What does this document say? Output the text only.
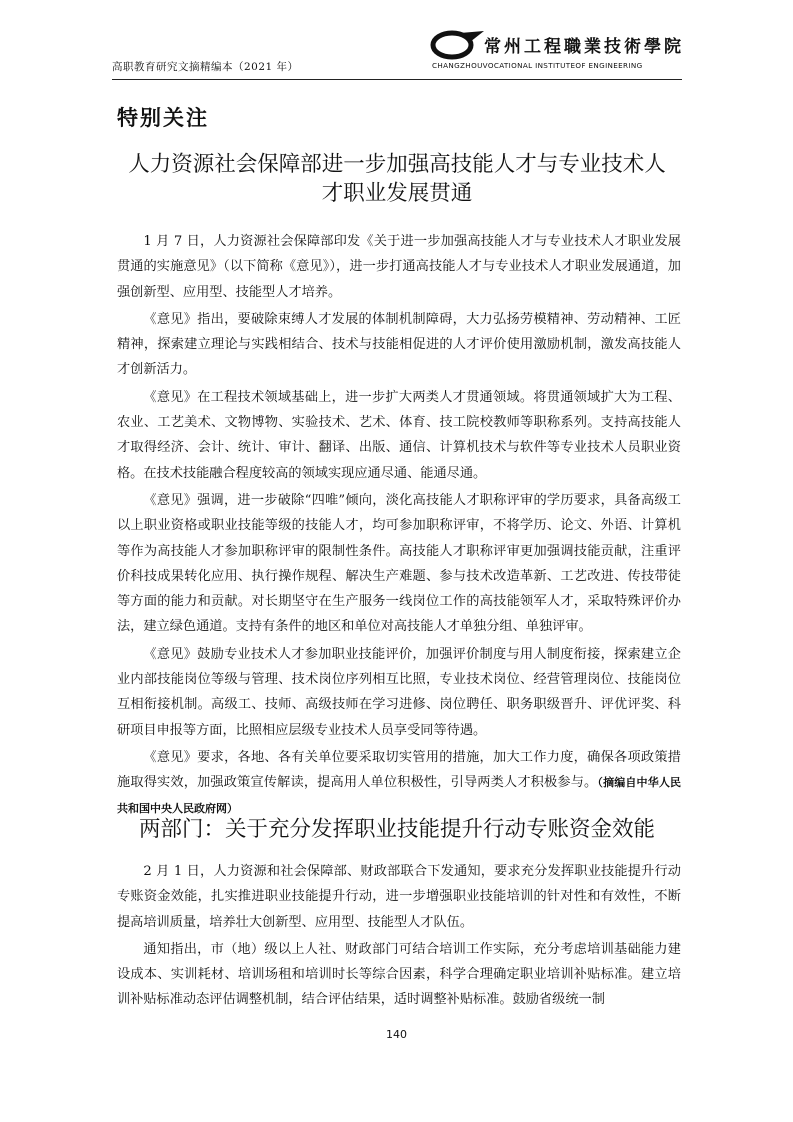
高职教育研究文摘精编本（2021 年）
常州工程職業技術學院
CHANGZHOUVOCATIONAL INSTITUTEOF ENGINEERING
特别关注
人力资源社会保障部进一步加强高技能人才与专业技术人
才职业发展贯通

1 月 7 日，人力资源社会保障部印发《关于进一步加强高技能人才与专业技术人才职业发展贯通的实施意见》（以下简称《意见》），进一步打通高技能人才与专业技术人才职业发展通道，加强创新型、应用型、技能型人才培养。

《意见》指出，要破除束缚人才发展的体制机制障碍，大力弘扬劳模精神、劳动精神、工匠精神，探索建立理论与实践相结合、技术与技能相促进的人才评价使用激励机制，激发高技能人才创新活力。

《意见》在工程技术领域基础上，进一步扩大两类人才贯通领域。将贯通领域扩大为工程、农业、工艺美术、文物博物、实验技术、艺术、体育、技工院校教师等职称系列。支持高技能人才取得经济、会计、统计、审计、翻译、出版、通信、计算机技术与软件等专业技术人员职业资格。在技术技能融合程度较高的领域实现应通尽通、能通尽通。

《意见》强调，进一步破除“四唯”倾向，淡化高技能人才职称评审的学历要求，具备高级工以上职业资格或职业技能等级的技能人才，均可参加职称评审，不将学历、论文、外语、计算机等作为高技能人才参加职称评审的限制性条件。高技能人才职称评审更加强调技能贡献，注重评价科技成果转化应用、执行操作规程、解决生产难题、参与技术改造革新、工艺改进、传技带徒等方面的能力和贡献。对长期坚守在生产服务一线岗位工作的高技能领军人才，采取特殊评价办法，建立绿色通道。支持有条件的地区和单位对高技能人才单独分组、单独评审。

《意见》鼓励专业技术人才参加职业技能评价，加强评价制度与用人制度衔接，探索建立企业内部技能岗位等级与管理、技术岗位序列相互比照，专业技术岗位、经营管理岗位、技能岗位互相衔接机制。高级工、技师、高级技师在学习进修、岗位聘任、职务职级晋升、评优评奖、科研项目申报等方面，比照相应层级专业技术人员享受同等待遇。

《意见》要求，各地、各有关单位要采取切实管用的措施，加大工作力度，确保各项政策措施取得实效，加强政策宣传解读，提高用人单位积极性，引导两类人才积极参与。（摘编自中华人民共和国中央人民政府网）

两部门：关于充分发挥职业技能提升行动专账资金效能

2 月 1 日，人力资源和社会保障部、财政部联合下发通知，要求充分发挥职业技能提升行动专账资金效能，扎实推进职业技能提升行动，进一步增强职业技能培训的针对性和有效性，不断提高培训质量，培养壮大创新型、应用型、技能型人才队伍。

通知指出，市（地）级以上人社、财政部门可结合培训工作实际，充分考虑培训基础能力建设成本、实训耗材、培训场租和培训时长等综合因素，科学合理确定职业培训补贴标准。建立培训补贴标准动态评估调整机制，结合评估结果，适时调整补贴标准。鼓励省级统一制

140
